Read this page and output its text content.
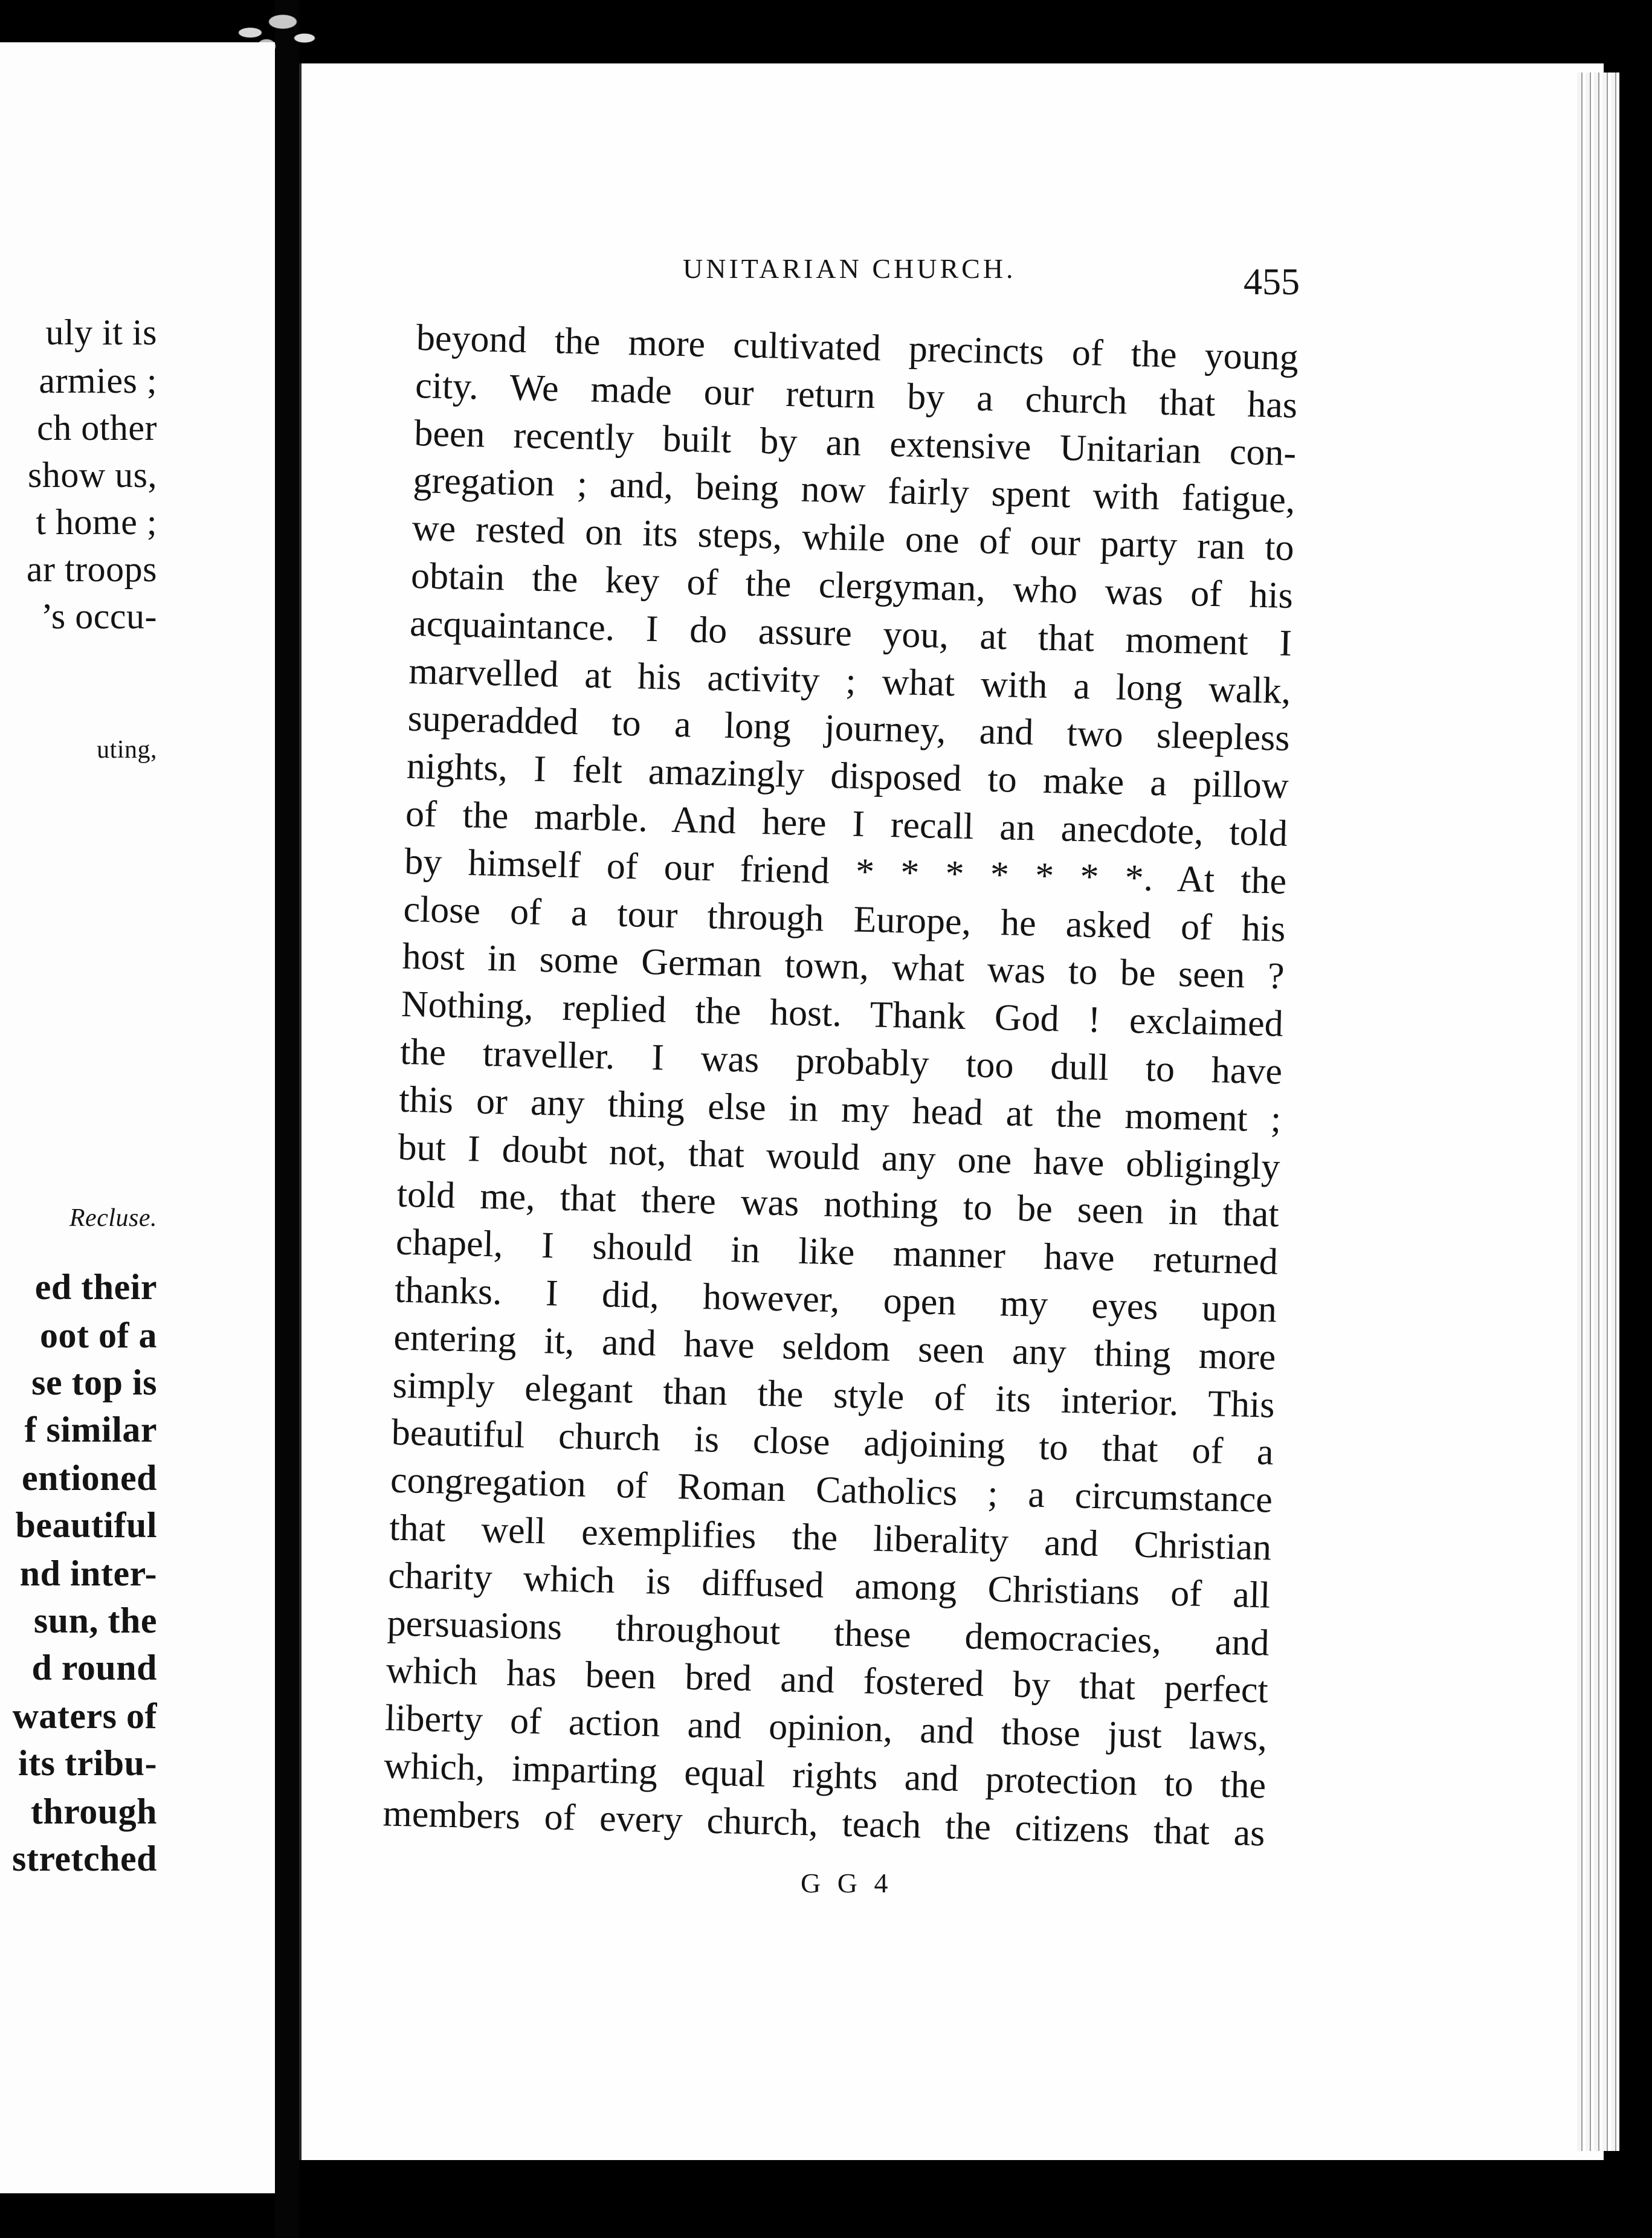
uly it is
armies ;
ch other
show us,
t home ;
ar troops
’s occu-
uting,
Recluse.
ed their
oot of a
se top is
f similar
entioned
beautiful
nd inter-
sun, the
d round
waters of
its tribu-
through
stretched
UNITARIAN CHURCH.	455
beyond the more cultivated precincts of the young
city. We made our return by a church that has
been recently built by an extensive Unitarian con-
gregation ; and, being now fairly spent with fatigue,
we rested on its steps, while one of our party ran to
obtain the key of the clergyman, who was of his
acquaintance. I do assure you, at that moment I
marvelled at his activity ; what with a long walk,
superadded to a long journey, and two sleepless
nights, I felt amazingly disposed to make a pillow
of the marble. And here I recall an anecdote, told
by himself of our friend * * * * * * *. At the
close of a tour through Europe, he asked of his
host in some German town, what was to be seen ?
Nothing, replied the host. Thank God ! exclaimed
the traveller. I was probably too dull to have
this or any thing else in my head at the moment ;
but I doubt not, that would any one have obligingly
told me, that there was nothing to be seen in that
chapel, I should in like manner have returned
thanks. I did, however, open my eyes upon
entering it, and have seldom seen any thing more
simply elegant than the style of its interior. This
beautiful church is close adjoining to that of a
congregation of Roman Catholics ; a circumstance
that well exemplifies the liberality and Christian
charity which is diffused among Christians of all
persuasions throughout these democracies, and
which has been bred and fostered by that perfect
liberty of action and opinion, and those just laws,
which, imparting equal rights and protection to the
members of every church, teach the citizens that as
G G 4
